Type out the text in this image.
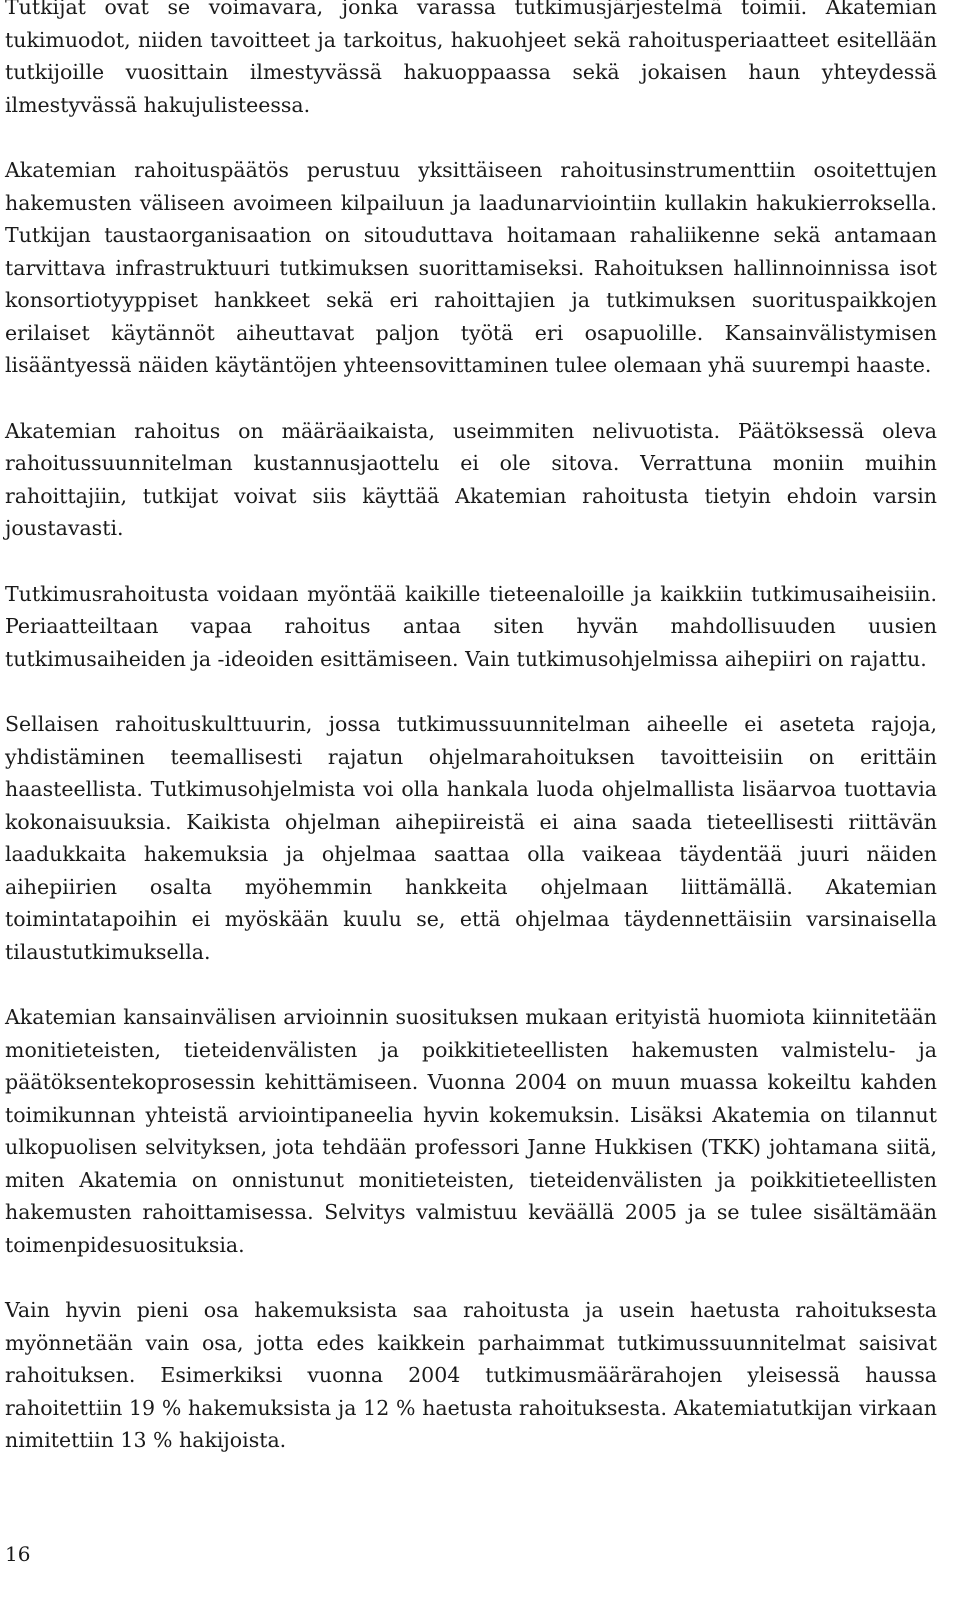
Tutkijat ovat se voimavara, jonka varassa tutkimusjärjestelmä toimii. Akatemian tukimuodot, niiden tavoitteet ja tarkoitus, hakuohjeet sekä rahoitusperiaatteet esitellään tutkijoille vuosittain ilmestyvässä hakuoppaassa sekä jokaisen haun yhteydessä ilmestyvässä hakujulisteessa.

Akatemian rahoituspäätös perustuu yksittäiseen rahoitusinstrumenttiin osoitettujen hakemusten väliseen avoimeen kilpailuun ja laadunarviointiin kullakin hakukierroksella. Tutkijan taustaorganisaation on sitouduttava hoitamaan rahaliikenne sekä antamaan tarvittava infrastruktuuri tutkimuksen suorittamiseksi. Rahoituksen hallinnoinnissa isot konsortiotyyppiset hankkeet sekä eri rahoittajien ja tutkimuksen suorituspaikkojen erilaiset käytännöt aiheuttavat paljon työtä eri osapuolille. Kansainvälistymisen lisääntyessä näiden käytäntöjen yhteensovittaminen tulee olemaan yhä suurempi haaste.

Akatemian rahoitus on määräaikaista, useimmiten nelivuotista. Päätöksessä oleva rahoitussuunnitelman kustannusjaottelu ei ole sitova. Verrattuna moniin muihin rahoittajiin, tutkijat voivat siis käyttää Akatemian rahoitusta tietyin ehdoin varsin joustavasti.

Tutkimusrahoitusta voidaan myöntää kaikille tieteenaloille ja kaikkiin tutkimusaiheisiin. Periaatteiltaan vapaa rahoitus antaa siten hyvän mahdollisuuden uusien tutkimusaiheiden ja -ideoiden esittämiseen. Vain tutkimusohjelmissa aihepiiri on rajattu.

Sellaisen rahoituskulttuurin, jossa tutkimussuunnitelman aiheelle ei aseteta rajoja, yhdistäminen teemallisesti rajatun ohjelmarahoituksen tavoitteisiin on erittäin haasteellista. Tutkimusohjelmista voi olla hankala luoda ohjelmallista lisäarvoa tuottavia kokonaisuuksia. Kaikista ohjelman aihepiireistä ei aina saada tieteellisesti riittävän laadukkaita hakemuksia ja ohjelmaa saattaa olla vaikeaa täydentää juuri näiden aihepiirien osalta myöhemmin hankkeita ohjelmaan liittämällä. Akatemian toimintatapoihin ei myöskään kuulu se, että ohjelmaa täydennettäisiin varsinaisella tilaustutkimuksella.

Akatemian kansainvälisen arvioinnin suosituksen mukaan erityistä huomiota kiinnitetään monitieteisten, tieteidenvälisten ja poikkitieteellisten hakemusten valmistelu- ja päätöksentekoprosessin kehittämiseen. Vuonna 2004 on muun muassa kokeiltu kahden toimikunnan yhteistä arviointipaneelia hyvin kokemuksin. Lisäksi Akatemia on tilannut ulkopuolisen selvityksen, jota tehdään professori Janne Hukkisen (TKK) johtamana siitä, miten Akatemia on onnistunut monitieteisten, tieteidenvälisten ja poikkitieteellisten hakemusten rahoittamisessa. Selvitys valmistuu keväällä 2005 ja se tulee sisältämään toimenpidesuosituksia.

Vain hyvin pieni osa hakemuksista saa rahoitusta ja usein haetusta rahoituksesta myönnetään vain osa, jotta edes kaikkein parhaimmat tutkimussuunnitelmat saisivat rahoituksen. Esimerkiksi vuonna 2004 tutkimusmäärärahojen yleisessä haussa rahoitettiin 19 % hakemuksista ja 12 % haetusta rahoituksesta. Akatemiatutkijan virkaan nimitettiin 13 % hakijoista.

16
